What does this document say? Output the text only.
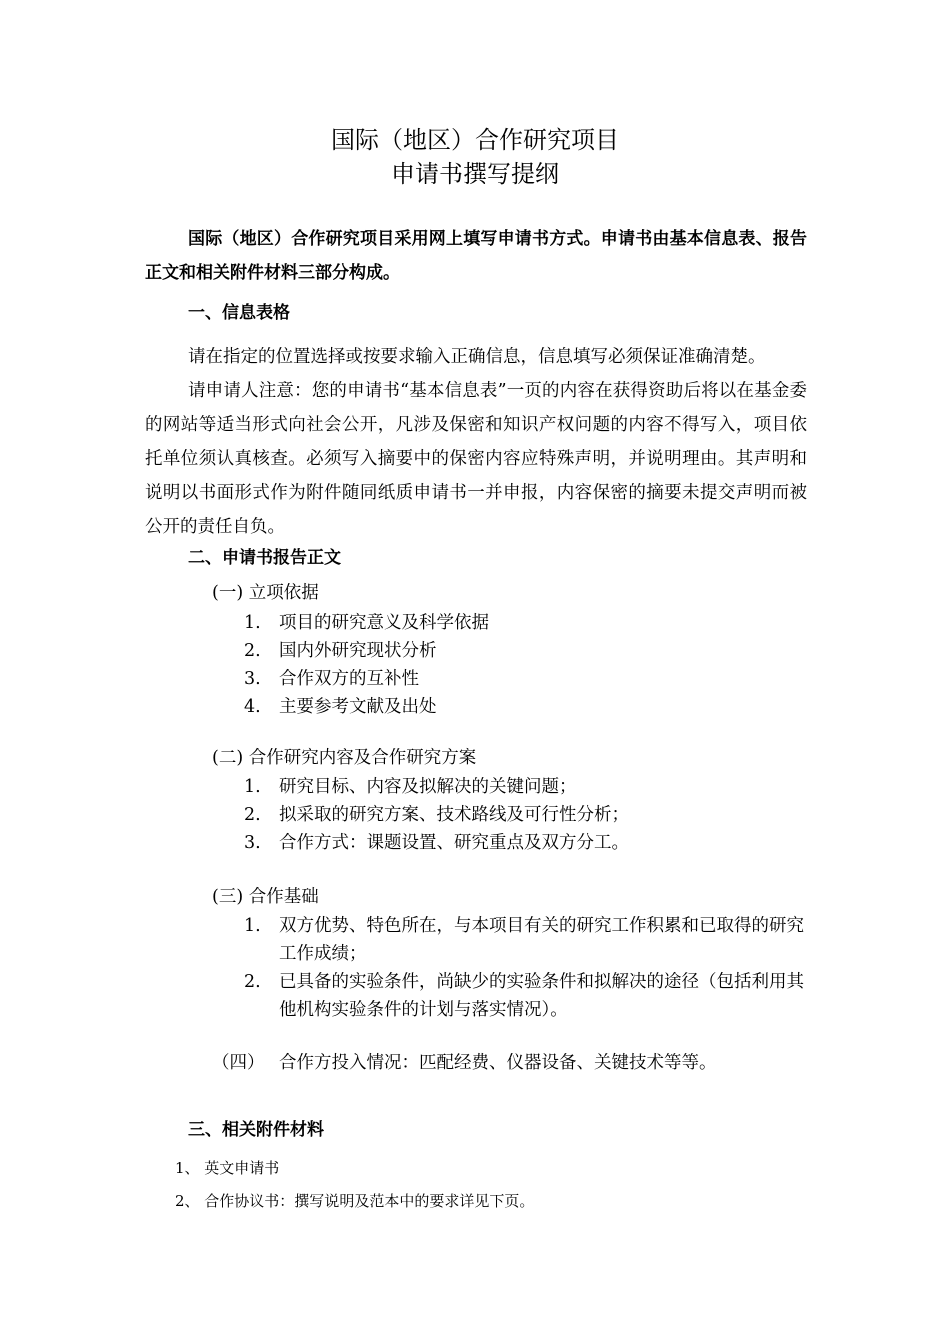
国际（地区）合作研究项目
申请书撰写提纲
国际（地区）合作研究项目采用网上填写申请书方式。申请书由基本信息表、报告正文和相关附件材料三部分构成。
一、信息表格
请在指定的位置选择或按要求输入正确信息，信息填写必须保证准确清楚。
请申请人注意：您的申请书“基本信息表”一页的内容在获得资助后将以在基金委的网站等适当形式向社会公开，凡涉及保密和知识产权问题的内容不得写入，项目依托单位须认真核查。必须写入摘要中的保密内容应特殊声明，并说明理由。其声明和说明以书面形式作为附件随同纸质申请书一并申报，内容保密的摘要未提交声明而被公开的责任自负。
二、申请书报告正文
(一) 立项依据
1. 项目的研究意义及科学依据
2. 国内外研究现状分析
3. 合作双方的互补性
4. 主要参考文献及出处
(二) 合作研究内容及合作研究方案
1. 研究目标、内容及拟解决的关键问题；
2. 拟采取的研究方案、技术路线及可行性分析；
3. 合作方式：课题设置、研究重点及双方分工。
(三) 合作基础
1. 双方优势、特色所在，与本项目有关的研究工作积累和已取得的研究工作成绩；
2. 已具备的实验条件，尚缺少的实验条件和拟解决的途径（包括利用其他机构实验条件的计划与落实情况）。
（四） 合作方投入情况：匹配经费、仪器设备、关键技术等等。
三、相关附件材料
1、 英文申请书
2、 合作协议书：撰写说明及范本中的要求详见下页。
